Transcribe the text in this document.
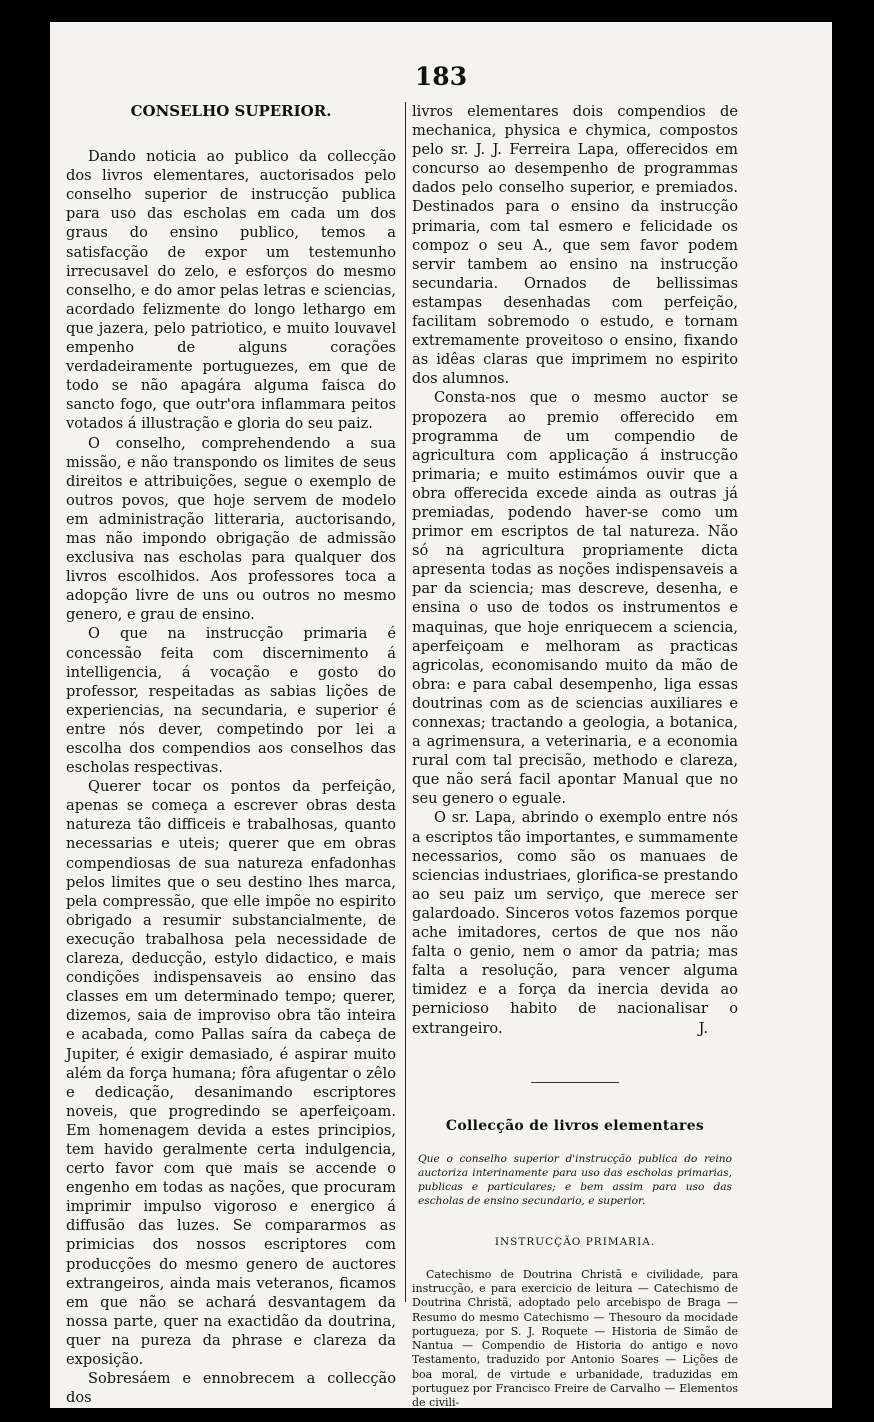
183
CONSELHO SUPERIOR.

Dando noticia ao publico da collecção dos livros elementares, auctorisados pelo conselho superior de instrucção publica para uso das escholas em cada um dos graus do ensino publico, temos a satisfacção de expor um testemunho irrecusavel do zelo, e esforços do mesmo conselho, e do amor pelas letras e sciencias, acordado felizmente do longo lethargo em que jazera, pelo patriotico, e muito louvavel empenho de alguns corações verdadeiramente portuguezes, em que de todo se não apagára alguma faisca do sancto fogo, que outr'ora inflammara peitos votados á illustração e gloria do seu paiz.

O conselho, comprehendendo a sua missão, e não transpondo os limites de seus direitos e attribuições, segue o exemplo de outros povos, que hoje servem de modelo em administração litteraria, auctorisando, mas não impondo obrigação de admissão exclusiva nas escholas para qualquer dos livros escolhidos. Aos professores toca a adopção livre de uns ou outros no mesmo genero, e grau de ensino.

O que na instrucção primaria é concessão feita com discernimento á intelligencia, á vocação e gosto do professor, respeitadas as sabias lições de experiencias, na secundaria, e superior é entre nós dever, competindo por lei a escolha dos compendios aos conselhos das escholas respectivas.

Querer tocar os pontos da perfeição, apenas se começa a escrever obras desta natureza tão difficeis e trabalhosas, quanto necessarias e uteis; querer que em obras compendiosas de sua natureza enfadonhas pelos limites que o seu destino lhes marca, pela compressão, que elle impõe no espirito obrigado a resumir substancialmente, de execução trabalhosa pela necessidade de clareza, deducção, estylo didactico, e mais condições indispensaveis ao ensino das classes em um determinado tempo; querer, dizemos, saia de improviso obra tão inteira e acabada, como Pallas saíra da cabeça de Jupiter, é exigir demasiado, é aspirar muito além da força humana; fôra afugentar o zêlo e dedicação, desanimando escriptores noveis, que progredindo se aperfeiçoam. Em homenagem devida a estes principios, tem havido geralmente certa indulgencia, certo favor com que mais se accende o engenho em todas as nações, que procuram imprimir impulso vigoroso e energico á diffusão das luzes. Se compararmos as primicias dos nossos escriptores com producções do mesmo genero de auctores extrangeiros, ainda mais veteranos, ficamos em que não se achará desvantagem da nossa parte, quer na exactidão da doutrina, quer na pureza da phrase e clareza da exposição.

Sobresáem e ennobrecem a collecção dos

livros elementares dois compendios de mechanica, physica e chymica, compostos pelo sr. J. J. Ferreira Lapa, offerecidos em concurso ao desempenho de programmas dados pelo conselho superior, e premiados. Destinados para o ensino da instrucção primaria, com tal esmero e felicidade os compoz o seu A., que sem favor podem servir tambem ao ensino na instrucção secundaria. Ornados de bellissimas estampas desenhadas com perfeição, facilitam sobremodo o estudo, e tornam extremamente proveitoso o ensino, fixando as idêas claras que imprimem no espirito dos alumnos.

Consta-nos que o mesmo auctor se propozera ao premio offerecido em programma de um compendio de agricultura com applicação á instrucção primaria; e muito estimámos ouvir que a obra offerecida excede ainda as outras já premiadas, podendo haver-se como um primor em escriptos de tal natureza. Não só na agricultura propriamente dicta apresenta todas as noções indispensaveis a par da sciencia; mas descreve, desenha, e ensina o uso de todos os instrumentos e maquinas, que hoje enriquecem a sciencia, aperfeiçoam e melhoram as practicas agricolas, economisando muito da mão de obra: e para cabal desempenho, liga essas doutrinas com as de sciencias auxiliares e connexas; tractando a geologia, a botanica, a agrimensura, a veterinaria, e a economia rural com tal precisão, methodo e clareza, que não será facil apontar Manual que no seu genero o eguale.

O sr. Lapa, abrindo o exemplo entre nós a escriptos tão importantes, e summamente necessarios, como são os manuaes de sciencias industriaes, glorifica-se prestando ao seu paiz um serviço, que merece ser galardoado. Sinceros votos fazemos porque ache imitadores, certos de que nos não falta o genio, nem o amor da patria; mas falta a resolução, para vencer alguma timidez e a força da inercia devida ao pernicioso habito de nacionalisar o extrangeiro.	J.
Collecção de livros elementares

Que o conselho superior d'instrucção publica do reino auctoriza interinamente para uso das escholas primarias, publicas e particulares; e bem assim para uso das escholas de ensino secundario, e superior.

INSTRUCÇÃO PRIMARIA.

Catechismo de Doutrina Christã e civilidade, para instrucção, e para exercicio de leitura — Catechismo de Doutrina Christã, adoptado pelo arcebispo de Braga — Resumo do mesmo Catechismo — Thesouro da mocidade portugueza, por S. J. Roquete — Historia de Simão de Nantua — Compendio de Historia do antigo e novo Testamento, traduzido por Antonio Soares — Lições de boa moral, de virtude e urbanidade, traduzidas em portuguez por Francisco Freire de Carvalho — Elementos de civili-
